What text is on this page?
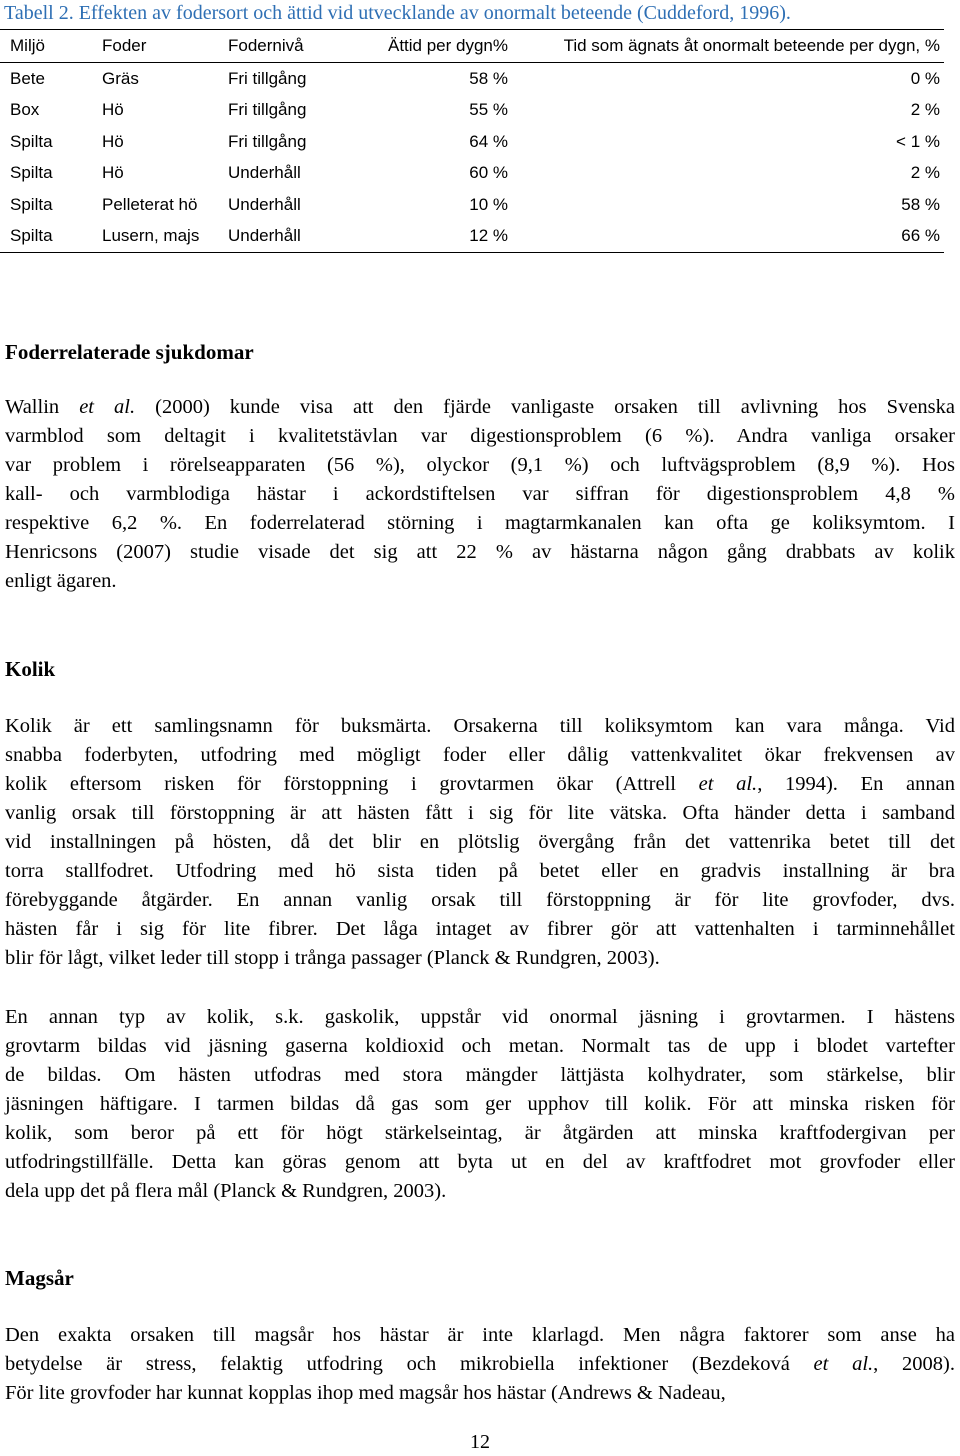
Tabell 2. Effekten av fodersort och ättid vid utvecklande av onormalt beteende (Cuddeford, 1996).
Miljö	Foder	Fodernivå	Ättid per dygn%	Tid som ägnats åt onormalt beteende per dygn, %
Bete	Gräs	Fri tillgång	58 %	0 %
Box	Hö	Fri tillgång	55 %	2 %
Spilta	Hö	Fri tillgång	64 %	< 1 %
Spilta	Hö	Underhåll	60 %	2 %
Spilta	Pelleterat hö	Underhåll	10 %	58 %
Spilta	Lusern, majs	Underhåll	12 %	66 %
Foderrelaterade sjukdomar
Wallin et al. (2000) kunde visa att den fjärde vanligaste orsaken till avlivning hos Svenska
varmblod som deltagit i kvalitetstävlan var digestionsproblem (6 %). Andra vanliga orsaker
var problem i rörelseapparaten (56 %), olyckor (9,1 %) och luftvägsproblem (8,9 %). Hos
kall- och varmblodiga hästar i ackordstiftelsen var siffran för digestionsproblem 4,8 %
respektive 6,2 %. En foderrelaterad störning i magtarmkanalen kan ofta ge koliksymtom. I
Henricsons (2007) studie visade det sig att 22 % av hästarna någon gång drabbats av kolik
enligt ägaren.
Kolik
Kolik är ett samlingsnamn för buksmärta. Orsakerna till koliksymtom kan vara många. Vid
snabba foderbyten, utfodring med mögligt foder eller dålig vattenkvalitet ökar frekvensen av
kolik eftersom risken för förstoppning i grovtarmen ökar (Attrell et al., 1994). En annan
vanlig orsak till förstoppning är att hästen fått i sig för lite vätska. Ofta händer detta i samband
vid installningen på hösten, då det blir en plötslig övergång från det vattenrika betet till det
torra stallfodret. Utfodring med hö sista tiden på betet eller en gradvis installning är bra
förebyggande åtgärder. En annan vanlig orsak till förstoppning är för lite grovfoder, dvs.
hästen får i sig för lite fibrer. Det låga intaget av fibrer gör att vattenhalten i tarminnehållet
blir för lågt, vilket leder till stopp i trånga passager (Planck & Rundgren, 2003).
En annan typ av kolik, s.k. gaskolik, uppstår vid onormal jäsning i grovtarmen. I hästens
grovtarm bildas vid jäsning gaserna koldioxid och metan. Normalt tas de upp i blodet vartefter
de bildas. Om hästen utfodras med stora mängder lättjästa kolhydrater, som stärkelse, blir
jäsningen häftigare. I tarmen bildas då gas som ger upphov till kolik. För att minska risken för
kolik, som beror på ett för högt stärkelseintag, är åtgärden att minska kraftfodergivan per
utfodringstillfälle. Detta kan göras genom att byta ut en del av kraftfodret mot grovfoder eller
dela upp det på flera mål (Planck & Rundgren, 2003).
Magsår
Den exakta orsaken till magsår hos hästar är inte klarlagd. Men några faktorer som anse ha
betydelse är stress, felaktig utfodring och mikrobiella infektioner (Bezdeková et al., 2008).
För lite grovfoder har kunnat kopplas ihop med magsår hos hästar (Andrews & Nadeau,
12
